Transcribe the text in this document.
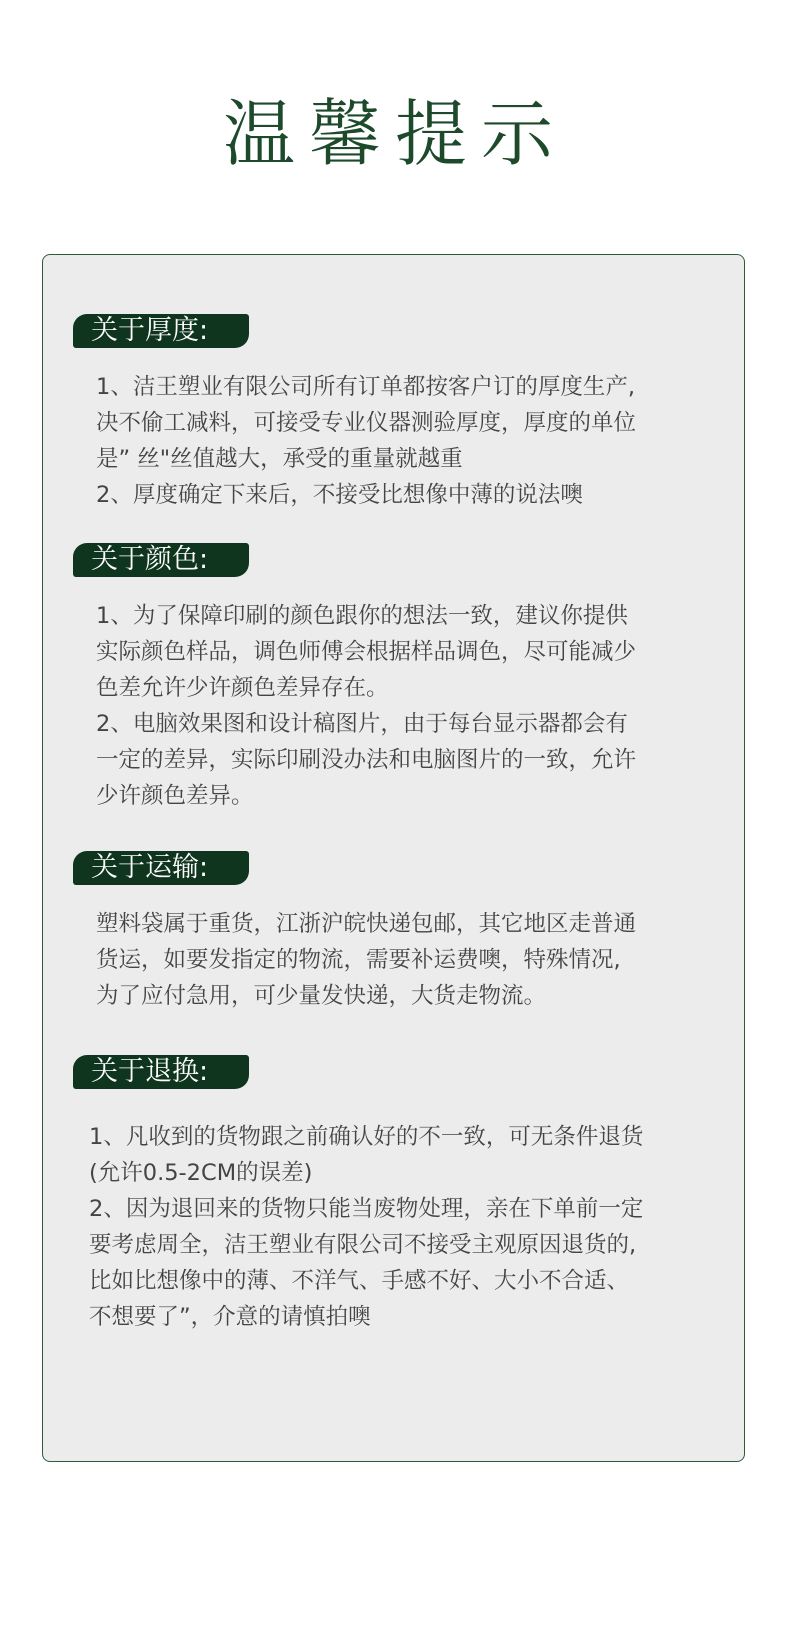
温馨提示
关于厚度:

1、洁王塑业有限公司所有订单都按客户订的厚度生产,

决不偷工减料，可接受专业仪器测验厚度，厚度的单位

是” 丝"丝值越大，承受的重量就越重

2、厚度确定下来后，不接受比想像中薄的说法噢

关于颜色:

1、为了保障印刷的颜色跟你的想法一致，建议你提供

实际颜色样品，调色师傅会根据样品调色，尽可能减少

色差允许少许颜色差异存在。

2、电脑效果图和设计稿图片，由于每台显示器都会有

一定的差异，实际印刷没办法和电脑图片的一致，允许

少许颜色差异。

关于运输:

塑料袋属于重货，江浙沪皖快递包邮，其它地区走普通

货运，如要发指定的物流，需要补运费噢，特殊情况,

为了应付急用，可少量发快递，大货走物流。

关于退换:

1、凡收到的货物跟之前确认好的不一致，可无条件退货

(允许0.5-2CM的误差)

2、因为退回来的货物只能当废物处理，亲在下单前一定

要考虑周全，洁王塑业有限公司不接受主观原因退货的,

比如比想像中的薄、不洋气、手感不好、大小不合适、

不想要了”，介意的请慎拍噢
